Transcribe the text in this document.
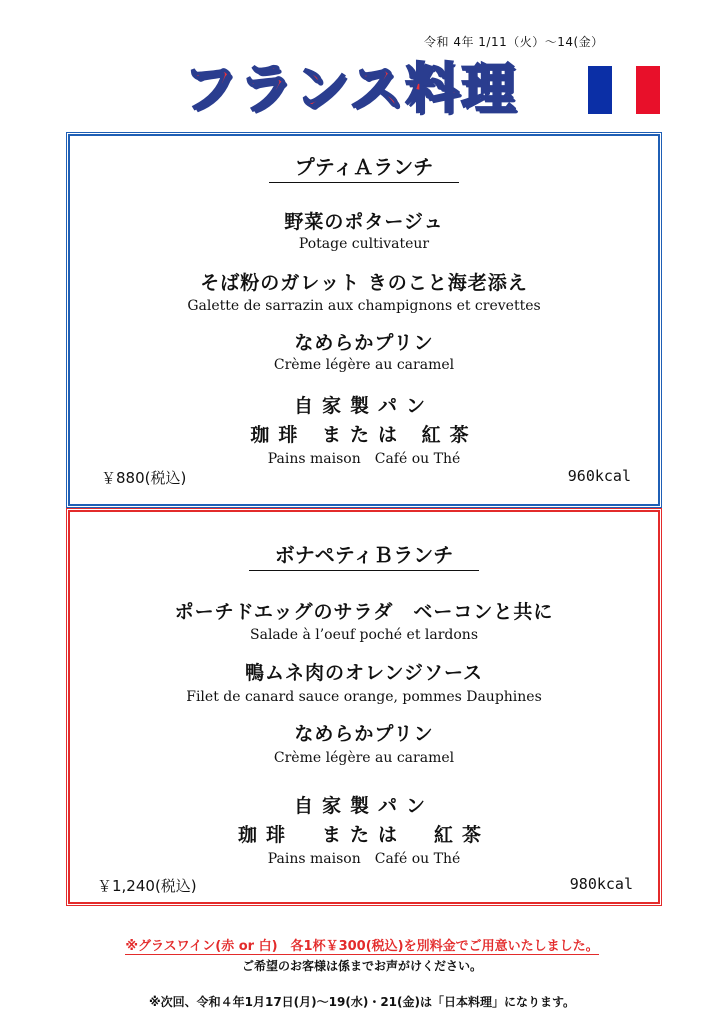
令和 4年 1/11（火）～14(金）
フランス料理
プティＡランチ
野菜のポタージュ
Potage cultivateur
そば粉のガレット きのこと海老添え
Galette de sarrazin aux champignons et crevettes
なめらかプリン
Crème légère au caramel
自家製パン
珈琲 または 紅茶
Pains maison　Café ou Thé
￥880(税込)	960kcal
ボナペティＢランチ
ポーチドエッグのサラダ　ベーコンと共に
Salade à l’oeuf poché et lardons
鴨ムネ肉のオレンジソース
Filet de canard sauce orange, pommes Dauphines
なめらかプリン
Crème légère au caramel
自家製パン
珈琲　または　紅茶
Pains maison　Café ou Thé
￥1,240(税込)	980kcal
※グラスワイン(赤 or 白)　各1杯￥300(税込)を別料金でご用意いたしました。
ご希望のお客様は係までお声がけください。
※次回、令和４年1月17日(月)～19(水)・21(金)は「日本料理」になります。
